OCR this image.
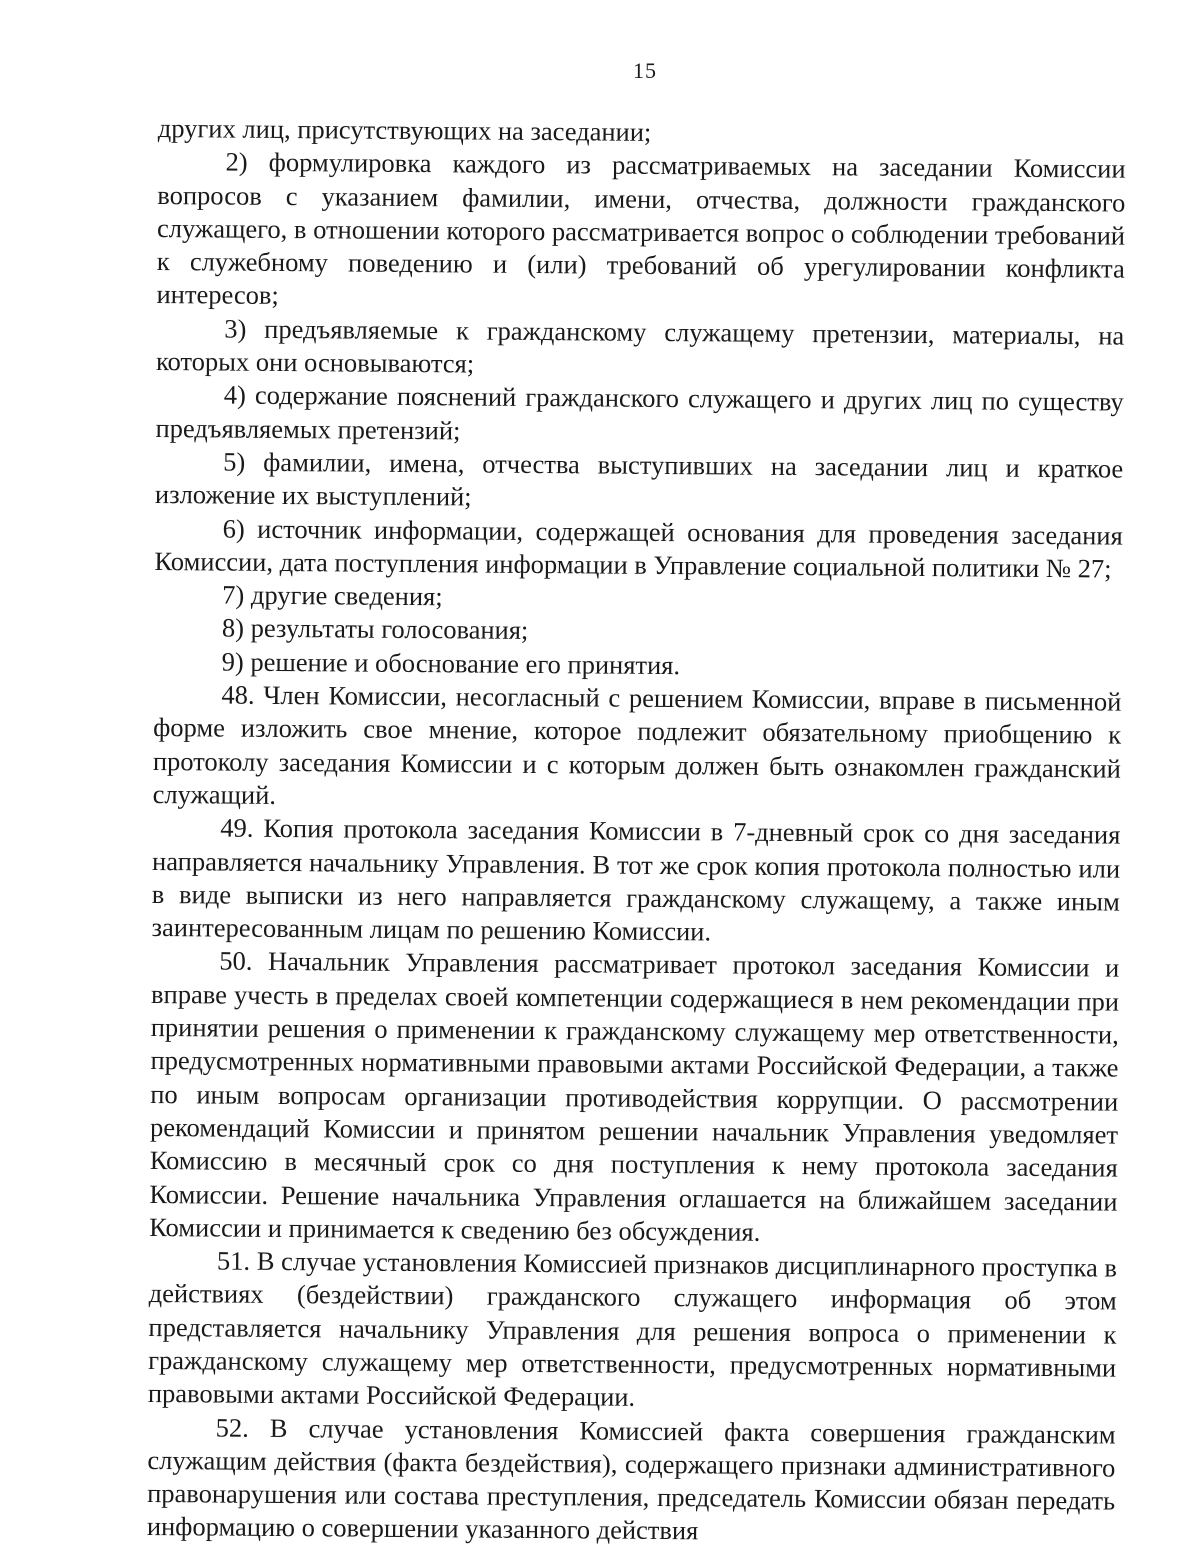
15

других лиц, присутствующих на заседании;

2) формулировка каждого из рассматриваемых на заседании Комиссии вопросов с указанием фамилии, имени, отчества, должности гражданского служащего, в отношении которого рассматривается вопрос о соблюдении требований к служебному поведению и (или) требований об урегулировании конфликта интересов;

3) предъявляемые к гражданскому служащему претензии, материалы, на которых они основываются;

4) содержание пояснений гражданского служащего и других лиц по существу предъявляемых претензий;

5) фамилии, имена, отчества выступивших на заседании лиц и краткое изложение их выступлений;

6) источник информации, содержащей основания для проведения заседания Комиссии, дата поступления информации в Управление социальной политики № 27;

7) другие сведения;

8) результаты голосования;

9) решение и обоснование его принятия.

48. Член Комиссии, несогласный с решением Комиссии, вправе в письменной форме изложить свое мнение, которое подлежит обязательному приобщению к протоколу заседания Комиссии и с которым должен быть ознакомлен гражданский служащий.

49. Копия протокола заседания Комиссии в 7-дневный срок со дня заседания направляется начальнику Управления. В тот же срок копия протокола полностью или в виде выписки из него направляется гражданскому служащему, а также иным заинтересованным лицам по решению Комиссии.

50. Начальник Управления рассматривает протокол заседания Комиссии и вправе учесть в пределах своей компетенции содержащиеся в нем рекомендации при принятии решения о применении к гражданскому служащему мер ответственности, предусмотренных нормативными правовыми актами Российской Федерации, а также по иным вопросам организации противодействия коррупции. О рассмотрении рекомендаций Комиссии и принятом решении начальник Управления уведомляет Комиссию в месячный срок со дня поступления к нему протокола заседания Комиссии. Решение начальника Управления оглашается на ближайшем заседании Комиссии и принимается к сведению без обсуждения.

51. В случае установления Комиссией признаков дисциплинарного проступка в действиях (бездействии) гражданского служащего информация об этом представляется начальнику Управления для решения вопроса о применении к гражданскому служащему мер ответственности, предусмотренных нормативными правовыми актами Российской Федерации.

52. В случае установления Комиссией факта совершения гражданским служащим действия (факта бездействия), содержащего признаки административного правонарушения или состава преступления, председатель Комиссии обязан передать информацию о совершении указанного действия
